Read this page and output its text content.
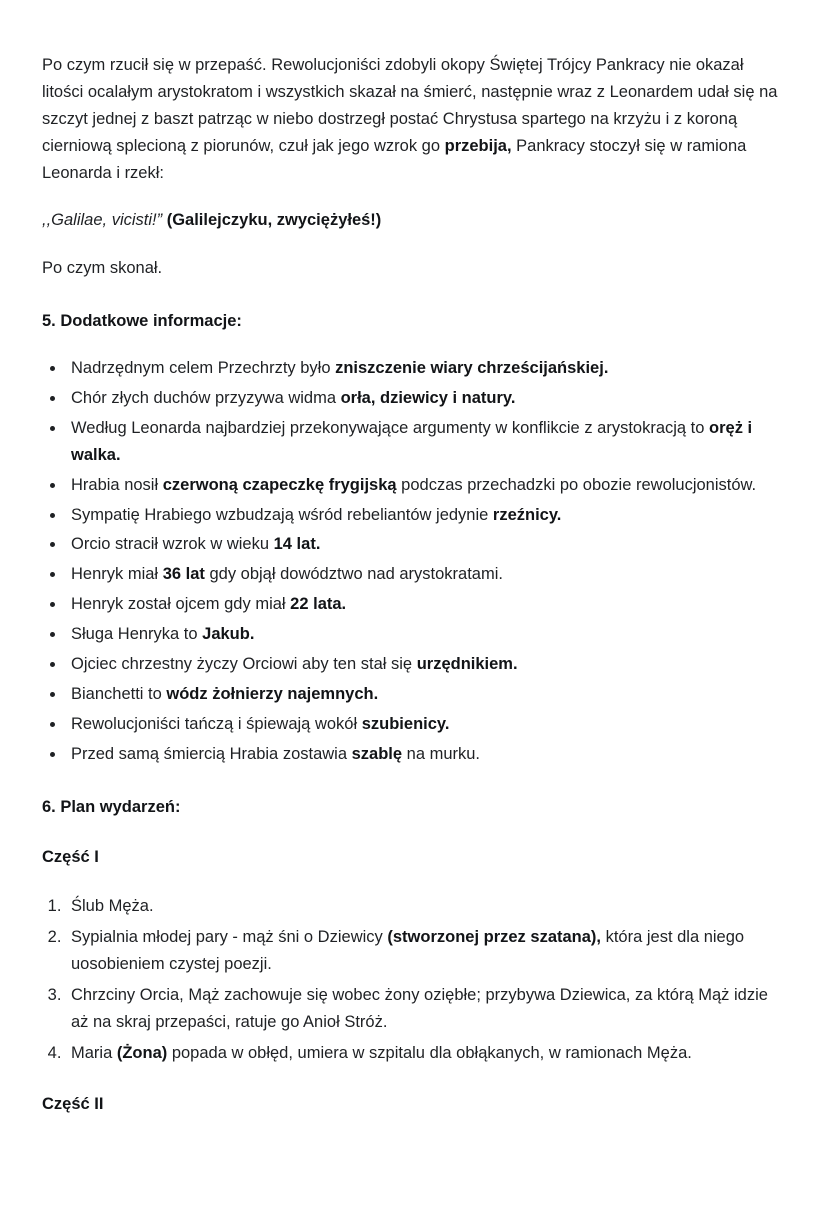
Po czym rzucił się w przepaść. Rewolucjoniści zdobyli okopy Świętej Trójcy Pankracy nie okazał litości ocalałym arystokratom i wszystkich skazał na śmierć, następnie wraz z Leonardem udał się na szczyt jednej z baszt patrząc w niebo dostrzegł postać Chrystusa spartego na krzyżu i z koroną cierniową splecioną z piorunów, czuł jak jego wzrok go przebija, Pankracy stoczył się w ramiona Leonarda i rzekł:

,,Galilae, vicisti!” (Galilejczyku, zwyciężyłeś!)

Po czym skonał.

5. Dodatkowe informacje:
• Nadrzędnym celem Przechrzty było zniszczenie wiary chrześcijańskiej.
• Chór złych duchów przyzywa widma orła, dziewicy i natury.
• Według Leonarda najbardziej przekonywające argumenty w konflikcie z arystokracją to oręż i walka.
• Hrabia nosił czerwoną czapeczkę frygijską podczas przechadzki po obozie rewolucjonistów.
• Sympatię Hrabiego wzbudzają wśród rebeliantów jedynie rzeźnicy.
• Orcio stracił wzrok w wieku 14 lat.
• Henryk miał 36 lat gdy objął dowództwo nad arystokratami.
• Henryk został ojcem gdy miał 22 lata.
• Sługa Henryka to Jakub.
• Ojciec chrzestny życzy Orciowi aby ten stał się urzędnikiem.
• Bianchetti to wódz żołnierzy najemnych.
• Rewolucjoniści tańczą i śpiewają wokół szubienicy.
• Przed samą śmiercią Hrabia zostawia szablę na murku.
6. Plan wydarzeń:
Część I
1. Ślub Męża.
2. Sypialnia młodej pary - mąż śni o Dziewicy (stworzonej przez szatana), która jest dla niego uosobieniem czystej poezji.
3. Chrzciny Orcia, Mąż zachowuje się wobec żony oziębłe; przybywa Dziewica, za którą Mąż idzie aż na skraj przepaści, ratuje go Anioł Stróż.
4. Maria (Żona) popada w obłęd, umiera w szpitalu dla obłąkanych, w ramionach Męża.
Część II
